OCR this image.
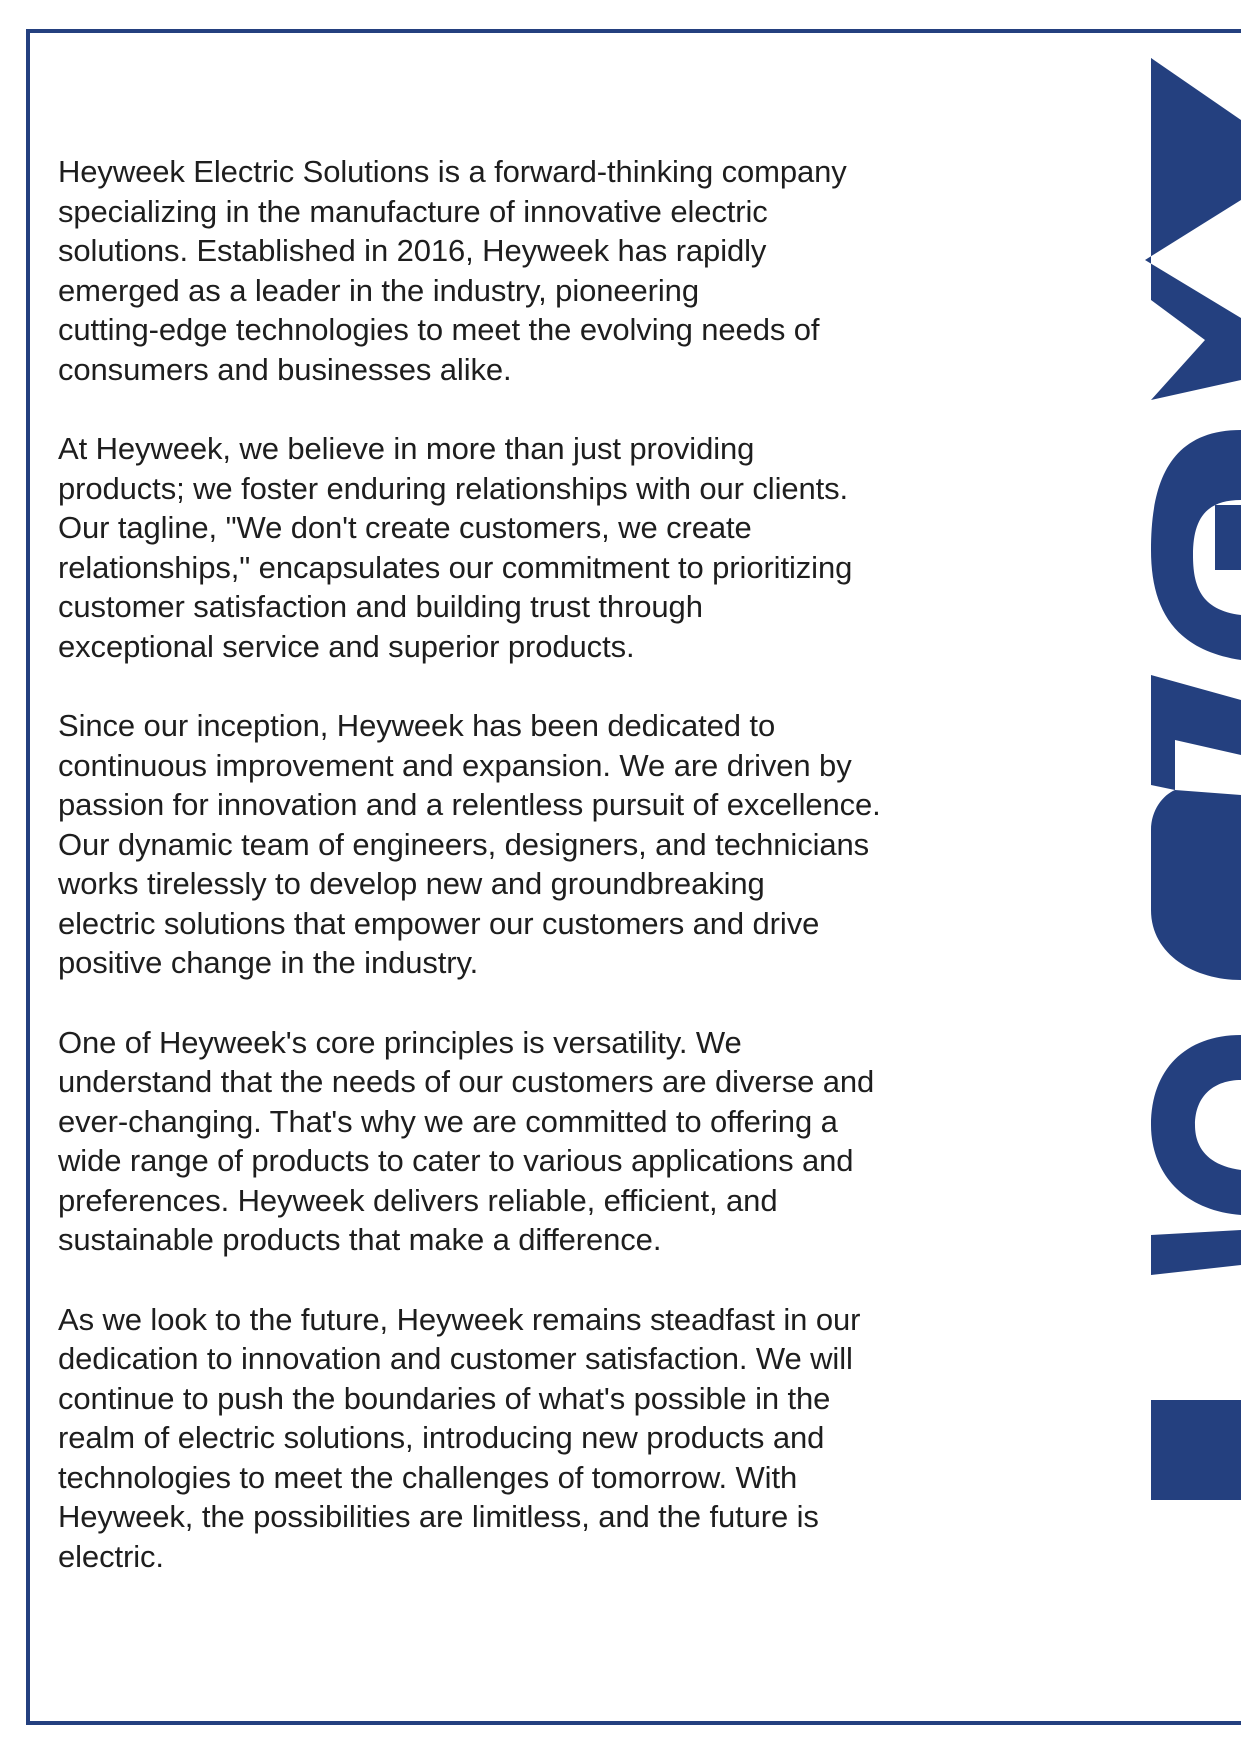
Heyweek Electric Solutions is a forward-thinking company
specializing in the manufacture of innovative electric
solutions. Established in 2016, Heyweek has rapidly
emerged as a leader in the industry, pioneering
cutting-edge technologies to meet the evolving needs of
consumers and businesses alike.

At Heyweek, we believe in more than just providing
products; we foster enduring relationships with our clients.
Our tagline, "We don't create customers, we create
relationships," encapsulates our commitment to prioritizing
customer satisfaction and building trust through
exceptional service and superior products.

Since our inception, Heyweek has been dedicated to
continuous improvement and expansion. We are driven by
passion for innovation and a relentless pursuit of excellence.
Our dynamic team of engineers, designers, and technicians
works tirelessly to develop new and groundbreaking
electric solutions that empower our customers and drive
positive change in the industry.

One of Heyweek's core principles is versatility. We
understand that the needs of our customers are diverse and
ever-changing. That's why we are committed to offering a
wide range of products to cater to various applications and
preferences. Heyweek delivers reliable, efficient, and
sustainable products that make a difference.

As we look to the future, Heyweek remains steadfast in our
dedication to innovation and customer satisfaction. We will
continue to push the boundaries of what's possible in the
realm of electric solutions, introducing new products and
technologies to meet the challenges of tomorrow. With
Heyweek, the possibilities are limitless, and the future is
electric.
